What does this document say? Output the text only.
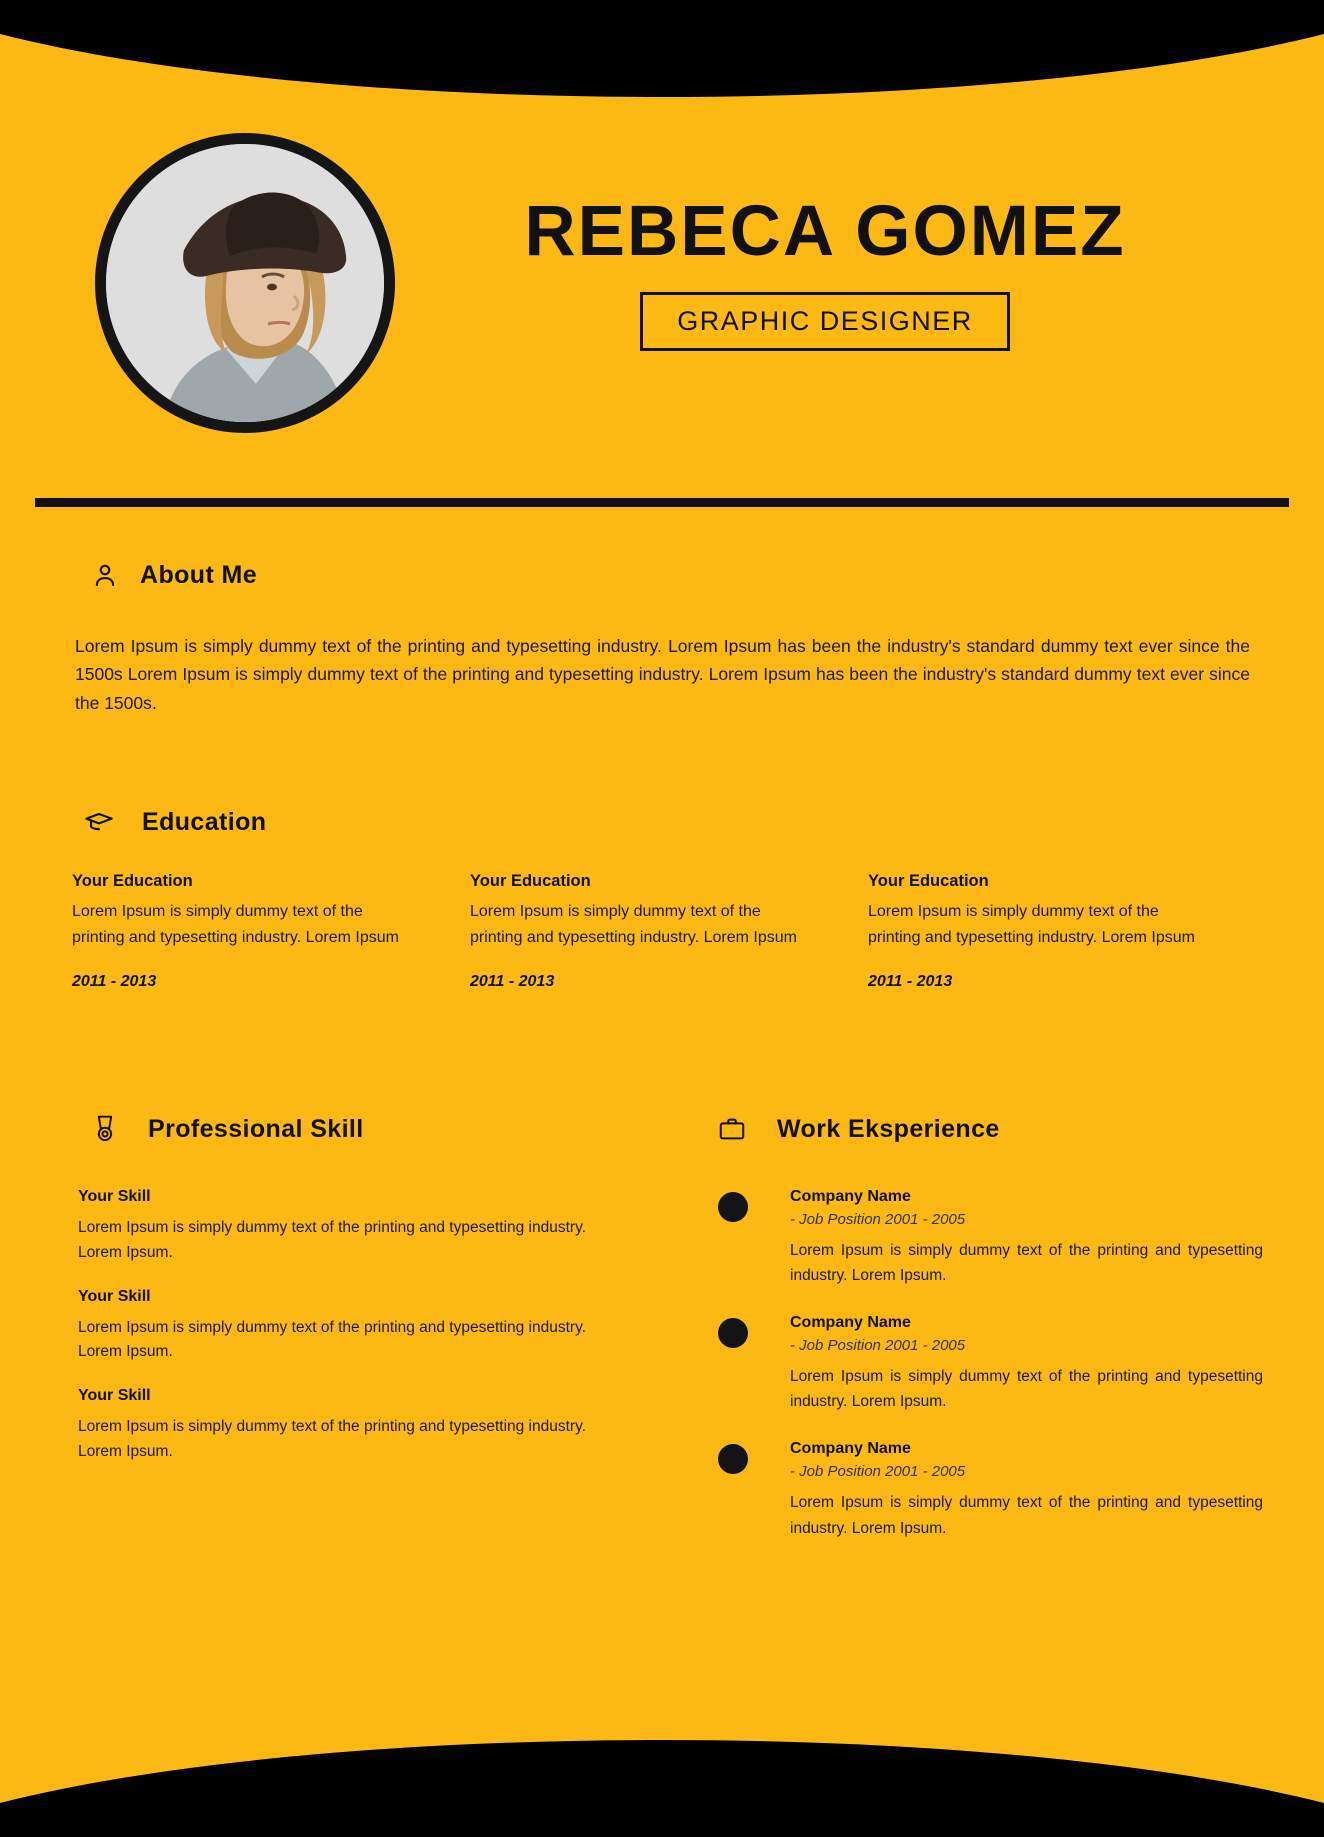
REBECA GOMEZ
GRAPHIC DESIGNER
About Me
Lorem Ipsum is simply dummy text of the printing and typesetting industry. Lorem Ipsum has been the industry's standard dummy text ever since the 1500s Lorem Ipsum is simply dummy text of the printing and typesetting industry. Lorem Ipsum has been the industry's standard dummy text ever since the 1500s.
Education
Your Education
Lorem Ipsum is simply dummy text of the printing and typesetting industry. Lorem Ipsum
2011 - 2013
Your Education
Lorem Ipsum is simply dummy text of the printing and typesetting industry. Lorem Ipsum
2011 - 2013
Your Education
Lorem Ipsum is simply dummy text of the printing and typesetting industry. Lorem Ipsum
2011 - 2013
Professional Skill
Your Skill
Lorem Ipsum is simply dummy text of the printing and typesetting industry. Lorem Ipsum.
Your Skill
Lorem Ipsum is simply dummy text of the printing and typesetting industry. Lorem Ipsum.
Your Skill
Lorem Ipsum is simply dummy text of the printing and typesetting industry. Lorem Ipsum.
Work Eksperience
Company Name
- Job Position 2001 - 2005
Lorem Ipsum is simply dummy text of the printing and typesetting industry. Lorem Ipsum.
Company Name
- Job Position 2001 - 2005
Lorem Ipsum is simply dummy text of the printing and typesetting industry. Lorem Ipsum.
Company Name
- Job Position 2001 - 2005
Lorem Ipsum is simply dummy text of the printing and typesetting industry. Lorem Ipsum.
